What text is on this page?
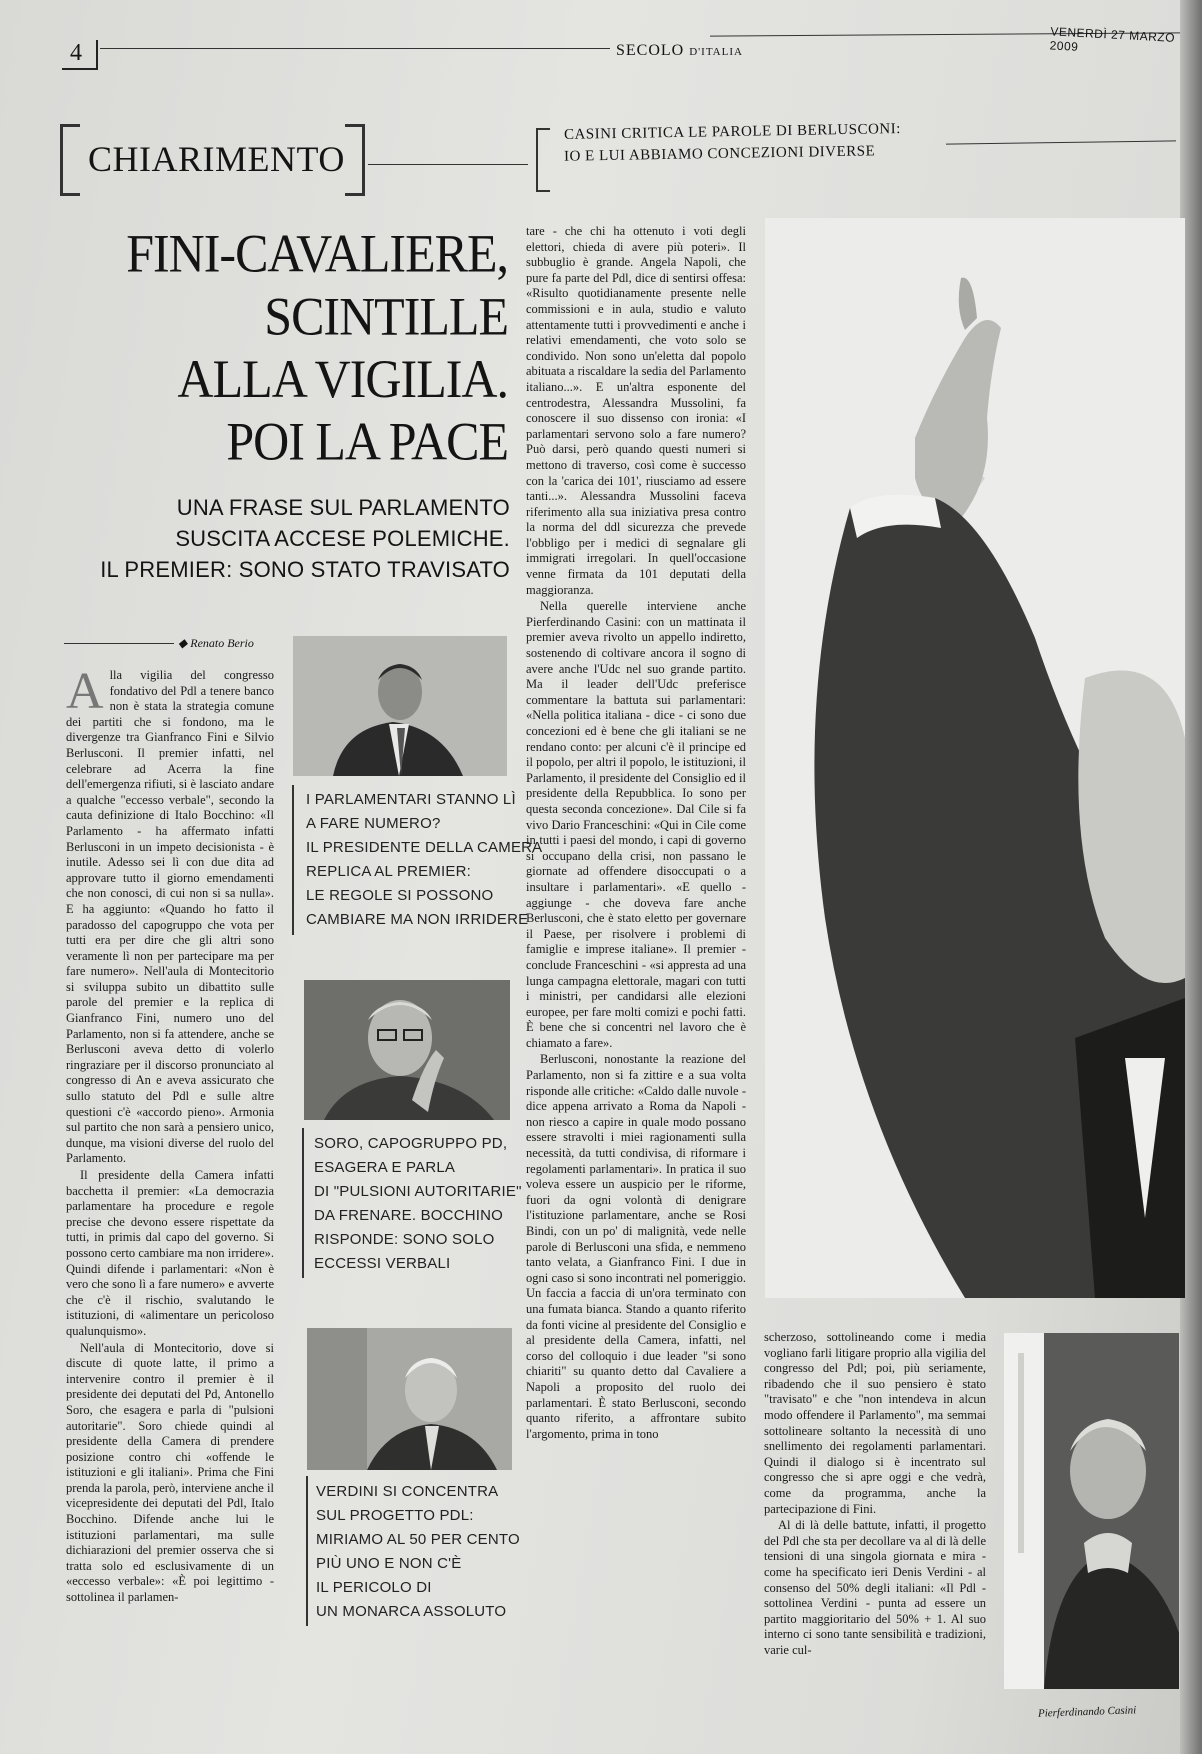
4	SECOLO D'ITALIA
VENERDÌ 27 MARZO 2009
CHIARIMENTO
CASINI CRITICA LE PAROLE DI BERLUSCONI:
IO E LUI ABBIAMO CONCEZIONI DIVERSE
FINI-CAVALIERE,
SCINTILLE
ALLA VIGILIA.
POI LA PACE
UNA FRASE SUL PARLAMENTO
SUSCITA ACCESE POLEMICHE.
IL PREMIER: SONO STATO TRAVISATO
◆ Renato Berio

Alla vigilia del congresso fondativo del Pdl a tenere banco non è stata la strategia comune dei partiti che si fondono, ma le divergenze tra Gianfranco Fini e Silvio Berlusconi. Il premier infatti, nel celebrare ad Acerra la fine dell'emergenza rifiuti, si è lasciato andare a qualche "eccesso verbale", secondo la cauta definizione di Italo Bocchino: «Il Parlamento - ha affermato infatti Berlusconi in un impeto decisionista - è inutile. Adesso sei lì con due dita ad approvare tutto il giorno emendamenti che non conosci, di cui non si sa nulla». E ha aggiunto: «Quando ho fatto il paradosso del capogruppo che vota per tutti era per dire che gli altri sono veramente lì non per partecipare ma per fare numero». Nell'aula di Montecitorio si sviluppa subito un dibattito sulle parole del premier e la replica di Gianfranco Fini, numero uno del Parlamento, non si fa attendere, anche se Berlusconi aveva detto di volerlo ringraziare per il discorso pronunciato al congresso di An e aveva assicurato che sullo statuto del Pdl e sulle altre questioni c'è «accordo pieno». Armonia sul partito che non sarà a pensiero unico, dunque, ma visioni diverse del ruolo del Parlamento.

Il presidente della Camera infatti bacchetta il premier: «La democrazia parlamentare ha procedure e regole precise che devono essere rispettate da tutti, in primis dal capo del governo. Si possono certo cambiare ma non irridere». Quindi difende i parlamentari: «Non è vero che sono lì a fare numero» e avverte che c'è il rischio, svalutando le istituzioni, di «alimentare un pericoloso qualunquismo».

Nell'aula di Montecitorio, dove si discute di quote latte, il primo a intervenire contro il premier è il presidente dei deputati del Pd, Antonello Soro, che esagera e parla di "pulsioni autoritarie". Soro chiede quindi al presidente della Camera di prendere posizione contro chi «offende le istituzioni e gli italiani». Prima che Fini prenda la parola, però, interviene anche il vicepresidente dei deputati del Pdl, Italo Bocchino. Difende anche lui le istituzioni parlamentari, ma sulle dichiarazioni del premier osserva che si tratta solo ed esclusivamente di un «eccesso verbale»: «È poi legittimo - sottolinea il parlamen-

I PARLAMENTARI STANNO LÌ
A FARE NUMERO?
IL PRESIDENTE DELLA CAMERA
REPLICA AL PREMIER:
LE REGOLE SI POSSONO
CAMBIARE MA NON IRRIDERE
SORO, CAPOGRUPPO PD,
ESAGERA E PARLA
DI "PULSIONI AUTORITARIE"
DA FRENARE. BOCCHINO
RISPONDE: SONO SOLO
ECCESSI VERBALI
VERDINI SI CONCENTRA
SUL PROGETTO PDL:
MIRIAMO AL 50 PER CENTO
PIÙ UNO E NON C'È
IL PERICOLO DI
UN MONARCA ASSOLUTO

tare - che chi ha ottenuto i voti degli elettori, chieda di avere più poteri». Il subbuglio è grande. Angela Napoli, che pure fa parte del Pdl, dice di sentirsi offesa: «Risulto quotidianamente presente nelle commissioni e in aula, studio e valuto attentamente tutti i provvedimenti e anche i relativi emendamenti, che voto solo se condivido. Non sono un'eletta dal popolo abituata a riscaldare la sedia del Parlamento italiano...». E un'altra esponente del centrodestra, Alessandra Mussolini, fa conoscere il suo dissenso con ironia: «I parlamentari servono solo a fare numero? Può darsi, però quando questi numeri si mettono di traverso, così come è successo con la 'carica dei 101', riusciamo ad essere tanti...». Alessandra Mussolini faceva riferimento alla sua iniziativa presa contro la norma del ddl sicurezza che prevede l'obbligo per i medici di segnalare gli immigrati irregolari. In quell'occasione venne firmata da 101 deputati della maggioranza.

Nella querelle interviene anche Pierferdinando Casini: con un mattinata il premier aveva rivolto un appello indiretto, sostenendo di coltivare ancora il sogno di avere anche l'Udc nel suo grande partito. Ma il leader dell'Udc preferisce commentare la battuta sui parlamentari: «Nella politica italiana - dice - ci sono due concezioni ed è bene che gli italiani se ne rendano conto: per alcuni c'è il principe ed il popolo, per altri il popolo, le istituzioni, il Parlamento, il presidente del Consiglio ed il presidente della Repubblica. Io sono per questa seconda concezione». Dal Cile si fa vivo Dario Franceschini: «Qui in Cile come in tutti i paesi del mondo, i capi di governo si occupano della crisi, non passano le giornate ad offendere disoccupati o a insultare i parlamentari». «E quello - aggiunge - che doveva fare anche Berlusconi, che è stato eletto per governare il Paese, per risolvere i problemi di famiglie e imprese italiane». Il premier - conclude Franceschini - «si appresta ad una lunga campagna elettorale, magari con tutti i ministri, per candidarsi alle elezioni europee, per fare molti comizi e pochi fatti. È bene che si concentri nel lavoro che è chiamato a fare».

Berlusconi, nonostante la reazione del Parlamento, non si fa zittire e a sua volta risponde alle critiche: «Caldo dalle nuvole - dice appena arrivato a Roma da Napoli - non riesco a capire in quale modo possano essere stravolti i miei ragionamenti sulla necessità, da tutti condivisa, di riformare i regolamenti parlamentari». In pratica il suo voleva essere un auspicio per le riforme, fuori da ogni volontà di denigrare l'istituzione parlamentare, anche se Rosi Bindi, con un po' di malignità, vede nelle parole di Berlusconi una sfida, e nemmeno tanto velata, a Gianfranco Fini. I due in ogni caso si sono incontrati nel pomeriggio. Un faccia a faccia di un'ora terminato con una fumata bianca. Stando a quanto riferito da fonti vicine al presidente del Consiglio e al presidente della Camera, infatti, nel corso del colloquio i due leader "si sono chiariti" su quanto detto dal Cavaliere a Napoli a proposito del ruolo dei parlamentari. È stato Berlusconi, secondo quanto riferito, a affrontare subito l'argomento, prima in tono

scherzoso, sottolineando come i media vogliano farli litigare proprio alla vigilia del congresso del Pdl; poi, più seriamente, ribadendo che il suo pensiero è stato "travisato" e che "non intendeva in alcun modo offendere il Parlamento", ma semmai sottolineare soltanto la necessità di uno snellimento dei regolamenti parlamentari. Quindi il dialogo si è incentrato sul congresso che si apre oggi e che vedrà, come da programma, anche la partecipazione di Fini.

Al di là delle battute, infatti, il progetto del Pdl che sta per decollare va al di là delle tensioni di una singola giornata e mira - come ha specificato ieri Denis Verdini - al consenso del 50% degli italiani: «Il Pdl - sottolinea Verdini - punta ad essere un partito maggioritario del 50% + 1. Al suo interno ci sono tante sensibilità e tradizioni, varie cul-

Pierferdinando Casini
